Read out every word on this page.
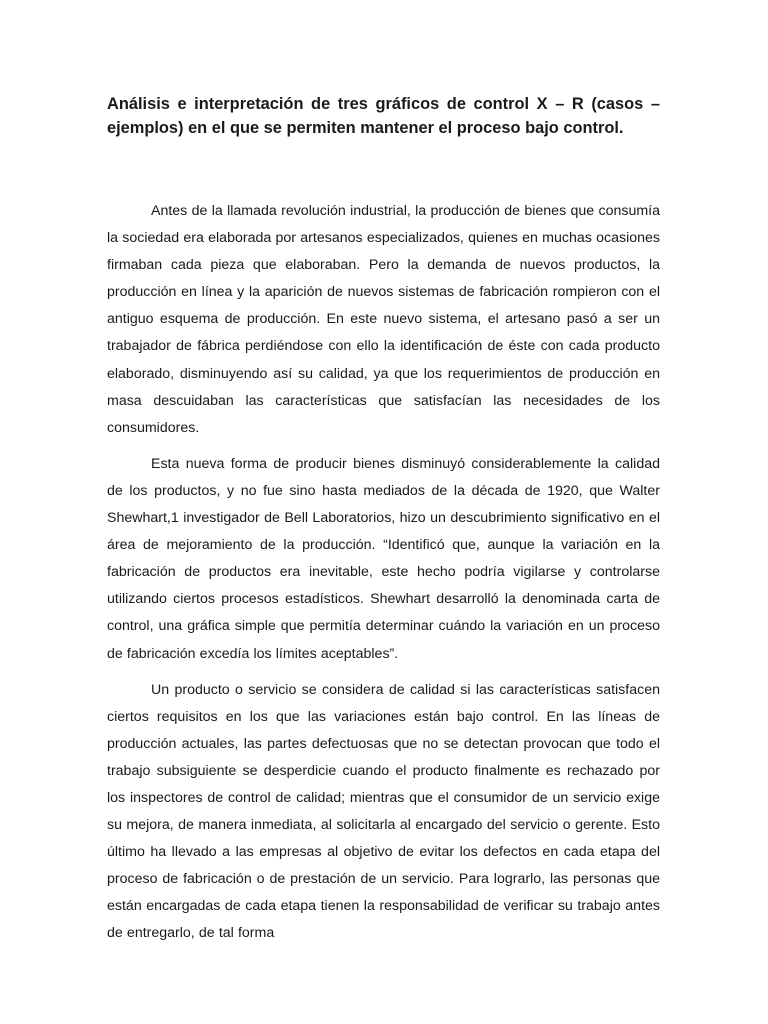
Análisis e interpretación de tres gráficos de control X – R (casos – ejemplos) en el que se permiten mantener el proceso bajo control.

Antes de la llamada revolución industrial, la producción de bienes que consumía la sociedad era elaborada por artesanos especializados, quienes en muchas ocasiones firmaban cada pieza que elaboraban. Pero la demanda de nuevos productos, la producción en línea y la aparición de nuevos sistemas de fabricación rompieron con el antiguo esquema de producción. En este nuevo sistema, el artesano pasó a ser un trabajador de fábrica perdiéndose con ello la identificación de éste con cada producto elaborado, disminuyendo así su calidad, ya que los requerimientos de producción en masa descuidaban las características que satisfacían las necesidades de los consumidores.

Esta nueva forma de producir bienes disminuyó considerablemente la calidad de los productos, y no fue sino hasta mediados de la década de 1920, que Walter Shewhart,1 investigador de Bell Laboratorios, hizo un descubrimiento significativo en el área de mejoramiento de la producción. “Identificó que, aunque la variación en la fabricación de productos era inevitable, este hecho podría vigilarse y controlarse utilizando ciertos procesos estadísticos. Shewhart desarrolló la denominada carta de control, una gráfica simple que permitía determinar cuándo la variación en un proceso de fabricación excedía los límites aceptables”.

Un producto o servicio se considera de calidad si las características satisfacen ciertos requisitos en los que las variaciones están bajo control. En las líneas de producción actuales, las partes defectuosas que no se detectan provocan que todo el trabajo subsiguiente se desperdicie cuando el producto finalmente es rechazado por los inspectores de control de calidad; mientras que el consumidor de un servicio exige su mejora, de manera inmediata, al solicitarla al encargado del servicio o gerente. Esto último ha llevado a las empresas al objetivo de evitar los defectos en cada etapa del proceso de fabricación o de prestación de un servicio. Para lograrlo, las personas que están encargadas de cada etapa tienen la responsabilidad de verificar su trabajo antes de entregarlo, de tal forma
